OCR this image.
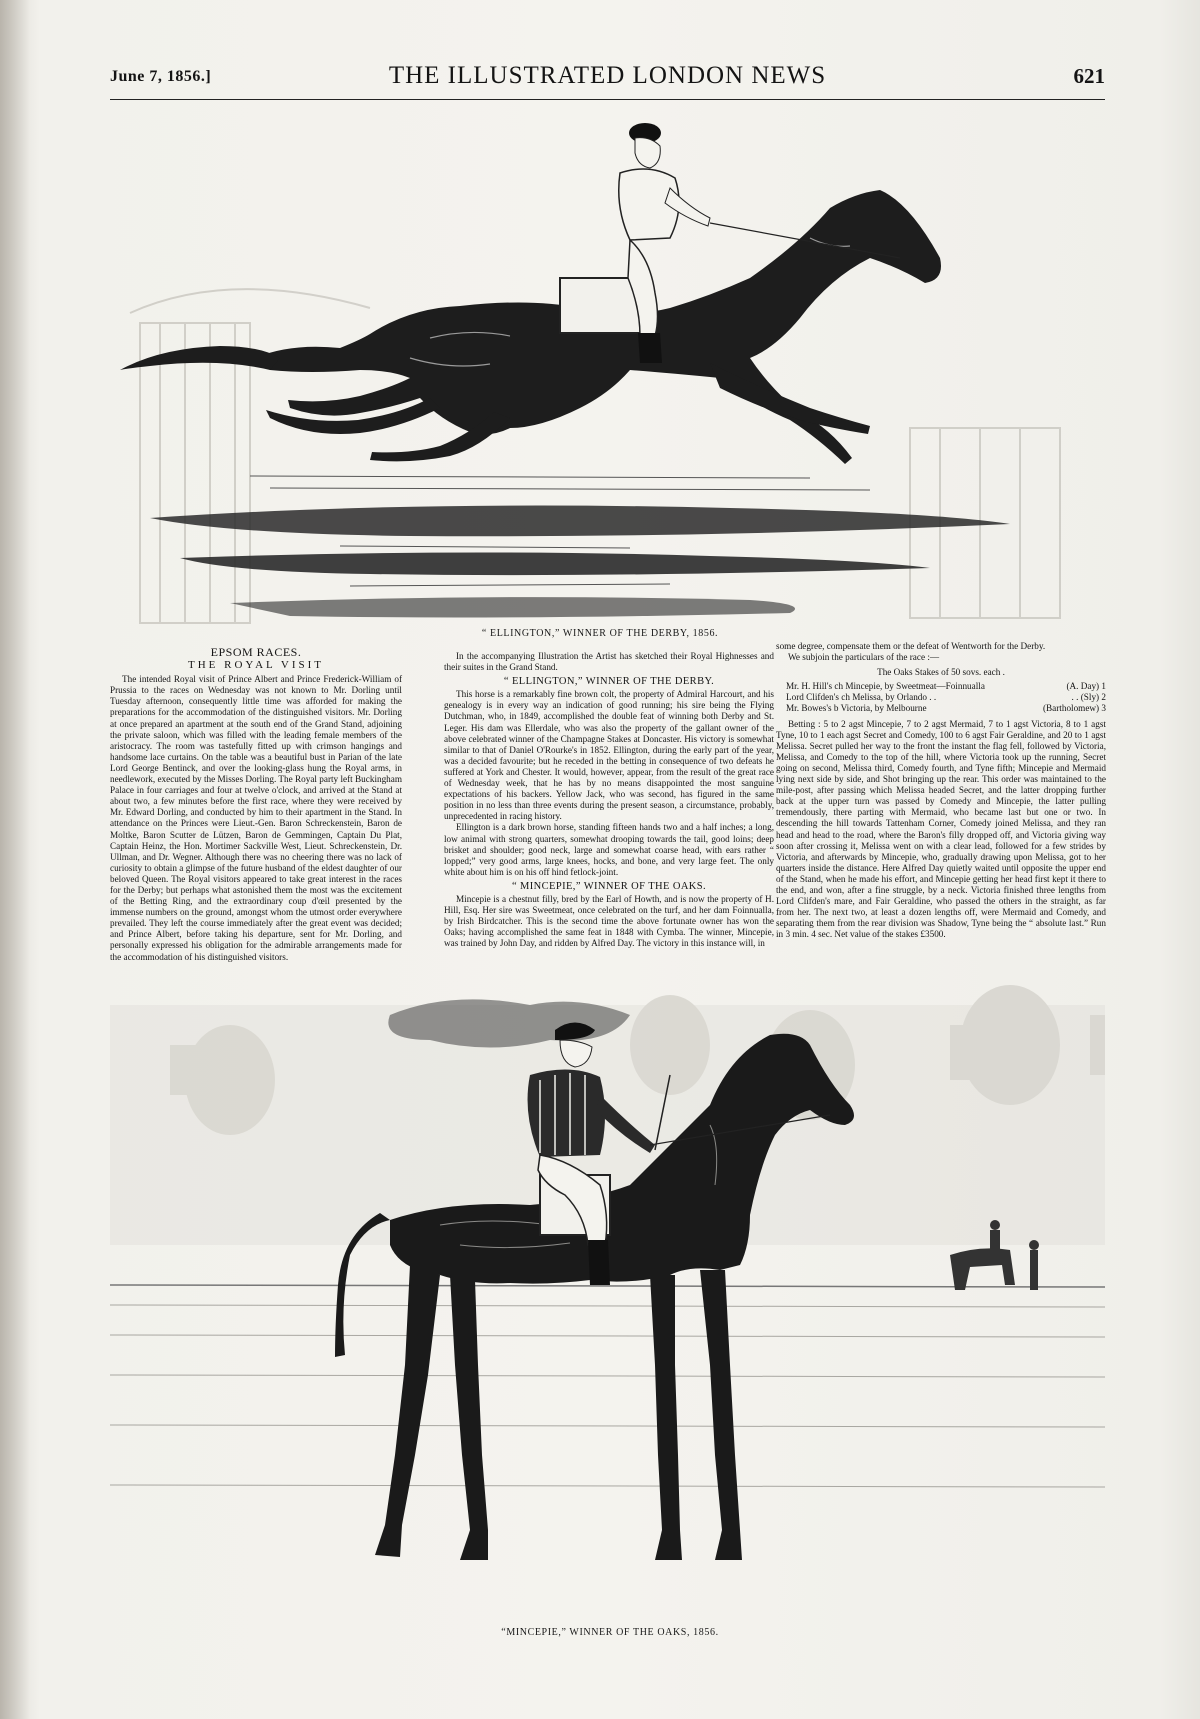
June 7, 1856.]	THE ILLUSTRATED LONDON NEWS	621
“ ELLINGTON,” WINNER OF THE DERBY, 1856.
EPSOM RACES.
THE ROYAL VISIT

The intended Royal visit of Prince Albert and Prince Frederick-William of Prussia to the races on Wednesday was not known to Mr. Dorling until Tuesday afternoon, consequently little time was afforded for making the preparations for the accommodation of the distinguished visitors. Mr. Dorling at once prepared an apartment at the south end of the Grand Stand, adjoining the private saloon, which was filled with the leading female members of the aristocracy. The room was tastefully fitted up with crimson hangings and handsome lace curtains. On the table was a beautiful bust in Parian of the late Lord George Bentinck, and over the looking-glass hung the Royal arms, in needlework, executed by the Misses Dorling. The Royal party left Buckingham Palace in four carriages and four at twelve o'clock, and arrived at the Stand at about two, a few minutes before the first race, where they were received by Mr. Edward Dorling, and conducted by him to their apartment in the Stand. In attendance on the Princes were Lieut.-Gen. Baron Schreckenstein, Baron de Moltke, Baron Scutter de Lützen, Baron de Gemmingen, Captain Du Plat, Captain Heinz, the Hon. Mortimer Sackville West, Lieut. Schreckenstein, Dr. Ullman, and Dr. Wegner. Although there was no cheering there was no lack of curiosity to obtain a glimpse of the future husband of the eldest daughter of our beloved Queen. The Royal visitors appeared to take great interest in the races for the Derby; but perhaps what astonished them the most was the excitement of the Betting Ring, and the extraordinary coup d'œil presented by the immense numbers on the ground, amongst whom the utmost order everywhere prevailed. They left the course immediately after the great event was decided; and Prince Albert, before taking his departure, sent for Mr. Dorling, and personally expressed his obligation for the admirable arrangements made for the accommodation of his distinguished visitors.

In the accompanying Illustration the Artist has sketched their Royal Highnesses and their suites in the Grand Stand.

“ ELLINGTON,” WINNER OF THE DERBY.

This horse is a remarkably fine brown colt, the property of Admiral Harcourt, and his genealogy is in every way an indication of good running; his sire being the Flying Dutchman, who, in 1849, accomplished the double feat of winning both Derby and St. Leger. His dam was Ellerdale, who was also the property of the gallant owner of the above celebrated winner of the Champagne Stakes at Doncaster. His victory is somewhat similar to that of Daniel O'Rourke's in 1852. Ellington, during the early part of the year, was a decided favourite; but he receded in the betting in consequence of two defeats he suffered at York and Chester. It would, however, appear, from the result of the great race of Wednesday week, that he has by no means disappointed the most sanguine expectations of his backers. Yellow Jack, who was second, has figured in the same position in no less than three events during the present season, a circumstance, probably, unprecedented in racing history.

Ellington is a dark brown horse, standing fifteen hands two and a half inches; a long, low animal with strong quarters, somewhat drooping towards the tail, good loins; deep brisket and shoulder; good neck, large and somewhat coarse head, with ears rather “ lopped;” very good arms, large knees, hocks, and bone, and very large feet. The only white about him is on his off hind fetlock-joint.

“ MINCEPIE,” WINNER OF THE OAKS.

Mincepie is a chestnut filly, bred by the Earl of Howth, and is now the property of H. Hill, Esq. Her sire was Sweetmeat, once celebrated on the turf, and her dam Foinnualla, by Irish Birdcatcher. This is the second time the above fortunate owner has won the Oaks; having accomplished the same feat in 1848 with Cymba. The winner, Mincepie, was trained by John Day, and ridden by Alfred Day. The victory in this instance will, in

some degree, compensate them or the defeat of Wentworth for the Derby.

We subjoin the particulars of the race :—

The Oaks Stakes of 50 sovs. each .
Mr. H. Hill's ch Mincepie, by Sweetmeat—Foinnualla	(A. Day) 1
Lord Clifden's ch Melissa, by Orlando . .	. . (Sly) 2
Mr. Bowes's b Victoria, by Melbourne	(Bartholomew) 3

Betting : 5 to 2 agst Mincepie, 7 to 2 agst Mermaid, 7 to 1 agst Victoria, 8 to 1 agst Tyne, 10 to 1 each agst Secret and Comedy, 100 to 6 agst Fair Geraldine, and 20 to 1 agst Melissa. Secret pulled her way to the front the instant the flag fell, followed by Victoria, Melissa, and Comedy to the top of the hill, where Victoria took up the running, Secret going on second, Melissa third, Comedy fourth, and Tyne fifth; Mincepie and Mermaid lying next side by side, and Shot bringing up the rear. This order was maintained to the mile-post, after passing which Melissa headed Secret, and the latter dropping further back at the upper turn was passed by Comedy and Mincepie, the latter pulling tremendously, there parting with Mermaid, who became last but one or two. In descending the hill towards Tattenham Corner, Comedy joined Melissa, and they ran head and head to the road, where the Baron's filly dropped off, and Victoria giving way soon after crossing it, Melissa went on with a clear lead, followed for a few strides by Victoria, and afterwards by Mincepie, who, gradually drawing upon Melissa, got to her quarters inside the distance. Here Alfred Day quietly waited until opposite the upper end of the Stand, when he made his effort, and Mincepie getting her head first kept it there to the end, and won, after a fine struggle, by a neck. Victoria finished three lengths from Lord Clifden's mare, and Fair Geraldine, who passed the others in the straight, as far from her. The next two, at least a dozen lengths off, were Mermaid and Comedy, and separating them from the rear division was Shadow, Tyne being the “ absolute last.” Run in 3 min. 4 sec. Net value of the stakes £3500.

“MINCEPIE,” WINNER OF THE OAKS, 1856.
